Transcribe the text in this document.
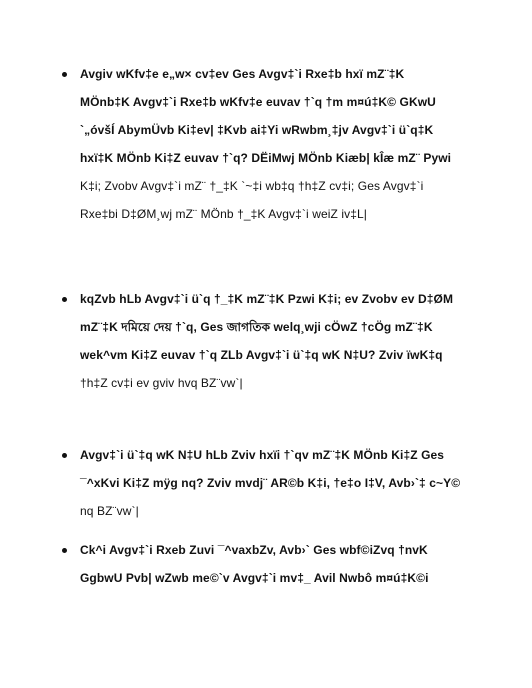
Avgiv wKfv‡e e„w× cv‡ev Ges Avgv‡`i Rxe‡b hxï mZ¨‡K
MÖnb‡K Avgv‡`i Rxe‡b wKfv‡e euvav †`q †m m¤ú‡K© GKwU
`„óvšÍ AbymÜvb Ki‡ev| ‡Kvb ai‡Yi wRwbm¸‡jv Avgv‡`i ü`q‡K
hxï‡K MÖnb Ki‡Z euvav †`q? DËiMwj MÖnb Kiæb| kÎæ mZ¨ Pywi
K‡i; Zvobv Avgv‡`i mZ¨ †_‡K `~‡i wb‡q †h‡Z cv‡i; Ges Avgv‡`i
Rxe‡bi D‡ØM¸wj mZ¨ MÖnb †_‡K Avgv‡`i weiZ iv‡L|
kqZvb hLb Avgv‡`i ü`q †_‡K mZ¨‡K Pzwi K‡i; ev Zvobv ev D‡ØM
mZ¨‡K দমিয়ে দেয় †`q, Ges জাগতিক welq¸wji cÖwZ †cÖg mZ¨‡K
wek^vm Ki‡Z euvav †`q ZLb Avgv‡`i ü`‡q wK N‡U? Zviv ïwK‡q
†h‡Z cv‡i ev gviv hvq BZ¨vw`|
Avgv‡`i ü`‡q wK N‡U hLb Zviv hxïi †`qv mZ¨‡K MÖnb Ki‡Z Ges
¯^xKvi Ki‡Z mÿg nq? Zviv mvdj¨ AR©b K‡i, †e‡o I‡V, Avb›`‡ c~Y©
nq BZ¨vw`|
Ck^i Avgv‡`i Rxeb Zuvi ¯^vaxbZv, Avb›` Ges wbf©iZvq †nvK
GgbwU Pvb| wZwb me©`v Avgv‡`i mv‡_ Avil Nwbô m¤ú‡K©i
